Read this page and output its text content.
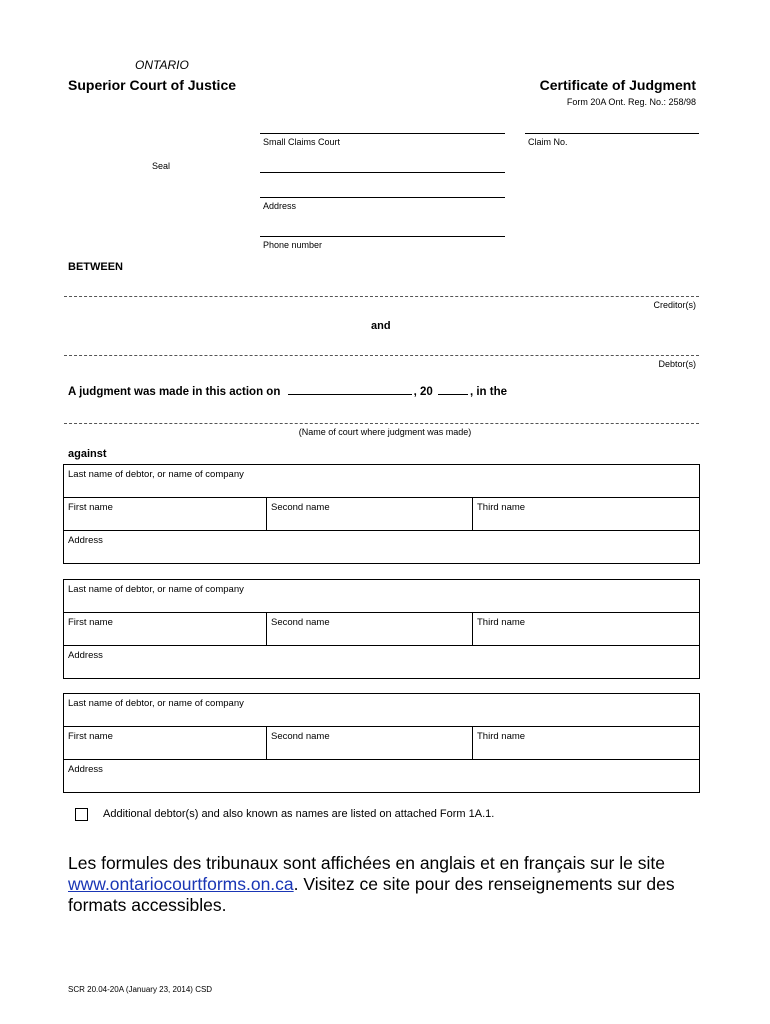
ONTARIO
Superior Court of Justice	Certificate of Judgment
Form 20A Ont. Reg. No.: 258/98
Small Claims Court	Claim No.
Seal
Address
Phone number
BETWEEN
Creditor(s)
and
Debtor(s)
A judgment was made in this action on	, 20	, in the
(Name of court where judgment was made)
against
Last name of debtor, or name of company
First name	Second name	Third name
Address
Last name of debtor, or name of company
First name	Second name	Third name
Address
Last name of debtor, or name of company
First name	Second name	Third name
Address
Additional debtor(s) and also known as names are listed on attached Form 1A.1.
Les formules des tribunaux sont affichées en anglais et en français sur le site www.ontariocourtforms.on.ca. Visitez ce site pour des renseignements sur des formats accessibles.
SCR 20.04-20A (January 23, 2014) CSD
